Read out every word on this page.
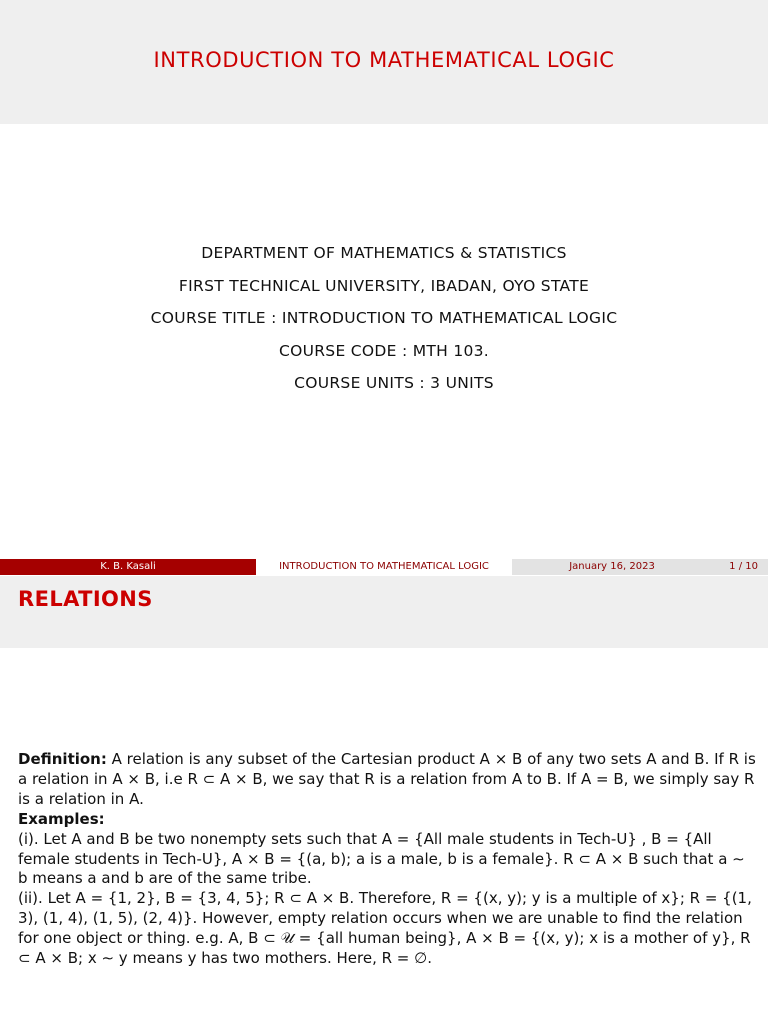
INTRODUCTION TO MATHEMATICAL LOGIC
DEPARTMENT OF MATHEMATICS & STATISTICS
FIRST TECHNICAL UNIVERSITY, IBADAN, OYO STATE
COURSE TITLE : INTRODUCTION TO MATHEMATICAL LOGIC
COURSE CODE : MTH 103.
COURSE UNITS : 3 UNITS
K. B. Kasali	INTRODUCTION TO MATHEMATICAL LOGIC	January 16, 2023	1 / 10
RELATIONS

Definition: A relation is any subset of the Cartesian product A × B of any two sets A and B. If R is a relation in A × B, i.e R ⊂ A × B, we say that R is a relation from A to B. If A = B, we simply say R is a relation in A.

Examples:

(i). Let A and B be two nonempty sets such that A = {All male students in Tech-U} , B = {All female students in Tech-U}, A × B = {(a, b); a is a male, b is a female}. R ⊂ A × B such that a ∼ b means a and b are of the same tribe.

(ii). Let A = {1, 2}, B = {3, 4, 5}; R ⊂ A × B. Therefore, R = {(x, y); y is a multiple of x}; R = {(1, 3), (1, 4), (1, 5), (2, 4)}. However, empty relation occurs when we are unable to find the relation for one object or thing. e.g. A, B ⊂ 𝒰 = {all human being}, A × B = {(x, y); x is a mother of y}, R ⊂ A × B; x ∼ y means y has two mothers. Here, R = ∅.
